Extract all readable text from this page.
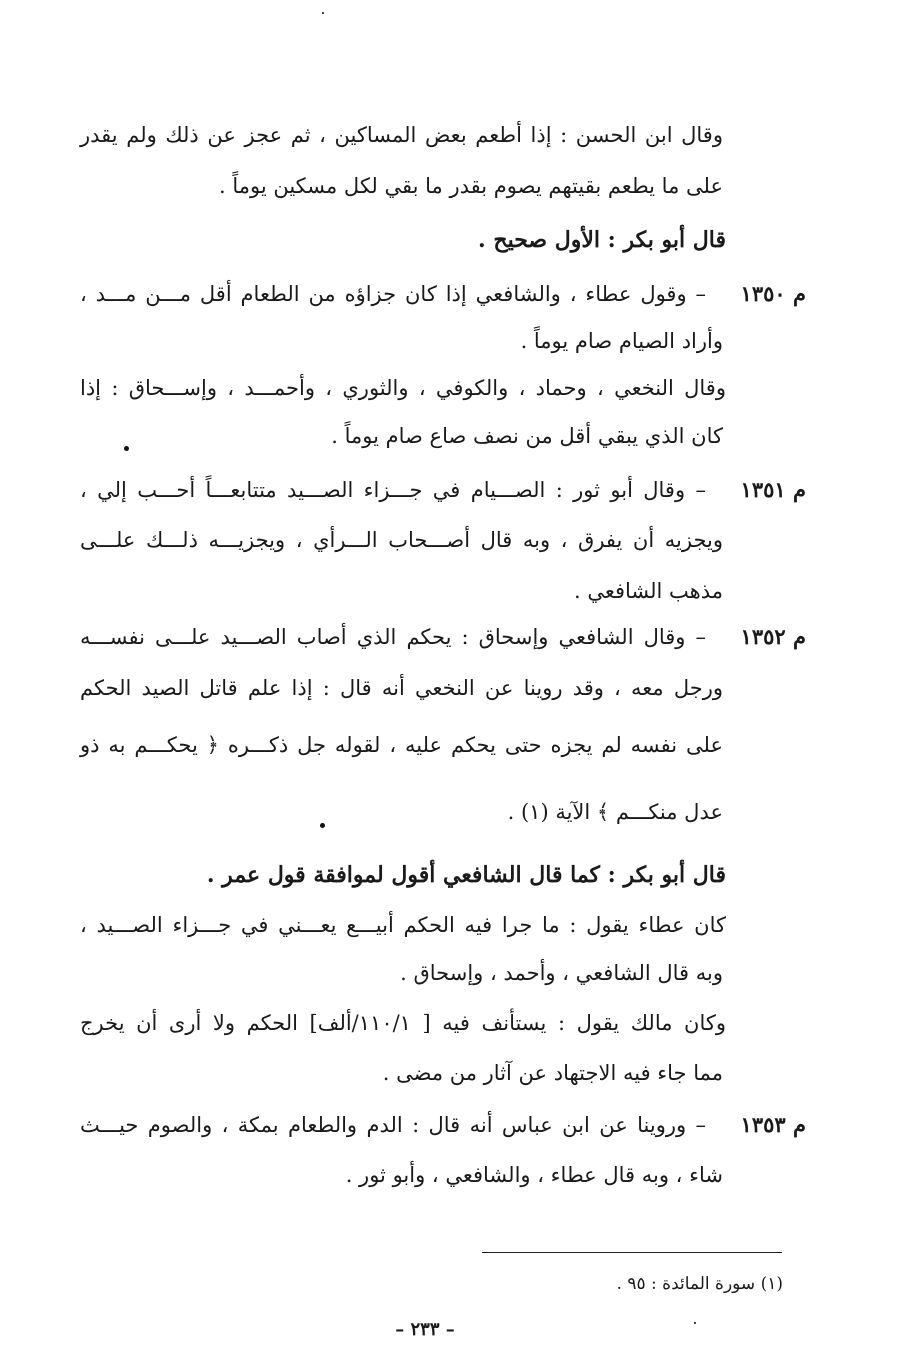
وقال ابن الحسن : إذا أطعم بعض المساكين ، ثم عجز عن ذلك ولم يقدر
على ما يطعم بقيتهم يصوم بقدر ما بقي لكل مسكين يوماً .
قال أبو بكر : الأول صحيح .
م ١٣٥٠
– وقول عطاء ، والشافعي إذا كان جزاؤه من الطعام أقل مـــن مـــد ،
وأراد الصيام صام يوماً .
وقال النخعي ، وحماد ، والكوفي ، والثوري ، وأحمـــد ، وإســـحاق : إذا
كان الذي يبقي أقل من نصف صاع صام يوماً .
م ١٣٥١
– وقال أبو ثور : الصـــيام في جـــزاء الصـــيد متتابعـــاً أحـــب إلي ،
ويجزيه أن يفرق ، وبه قال أصـــحاب الـــرأي ، ويجزيـــه ذلـــك علـــى
مذهب الشافعي .
م ١٣٥٢
– وقال الشافعي وإسحاق : يحكم الذي أصاب الصـــيد علـــى نفســـه
ورجل معه ، وقد روينا عن النخعي أنه قال : إذا علم قاتل الصيد الحكم
على نفسه لم يجزه حتى يحكم عليه ، لقوله جل ذكـــره ﴿ يحكـــم به ذو
عدل منكـــم ﴾ الآية (١) .
قال أبو بكر : كما قال الشافعي أقول لموافقة قول عمر .
كان عطاء يقول : ما جرا فيه الحكم أبيـــع يعـــني في جـــزاء الصـــيد ،
وبه قال الشافعي ، وأحمد ، وإسحاق .
وكان مالك يقول : يستأنف فيه [ ١١٠/١/ألف] الحكم ولا أرى أن يخرج
مما جاء فيه الاجتهاد عن آثار من مضى .
م ١٣٥٣
– وروينا عن ابن عباس أنه قال : الدم والطعام بمكة ، والصوم حيـــث
شاء ، وبه قال عطاء ، والشافعي ، وأبو ثور .
(١) سورة المائدة : ٩٥ .
– ٢٣٣ –
